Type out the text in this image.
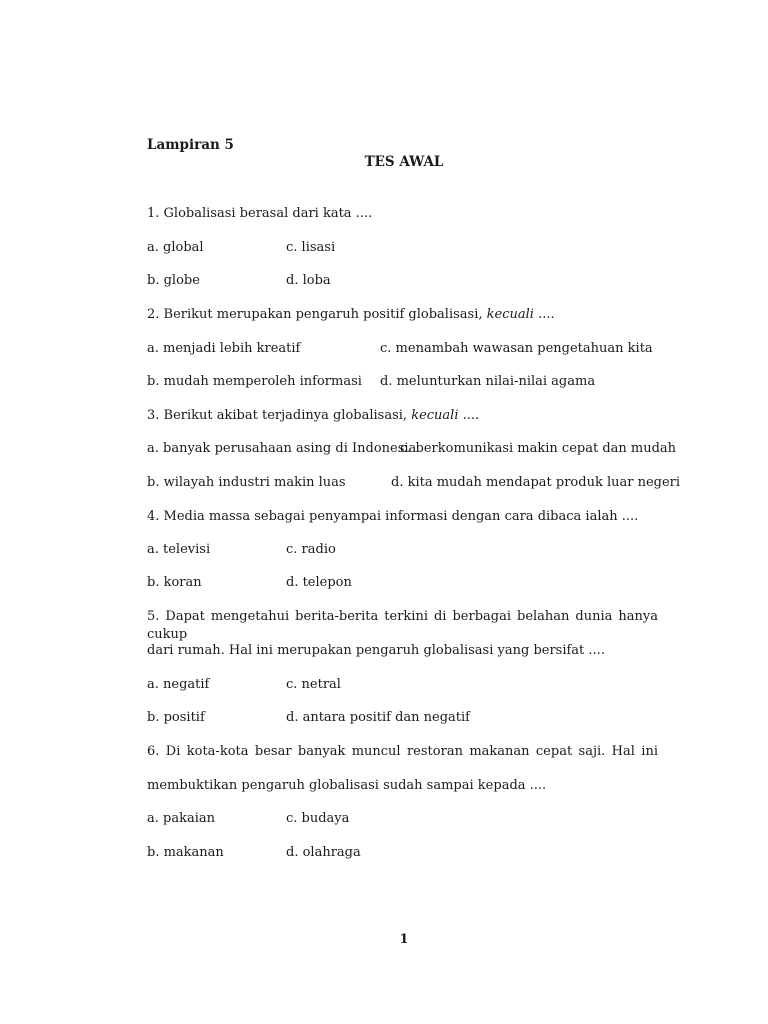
Lampiran 5
TES AWAL
1. Globalisasi berasal dari kata ....
a. global	c. lisasi
b. globe	d. loba
2. Berikut merupakan pengaruh positif globalisasi, kecuali ....
a. menjadi lebih kreatif	c. menambah wawasan pengetahuan kita
b. mudah memperoleh informasi d. melunturkan nilai-nilai agama
3. Berikut akibat terjadinya globalisasi, kecuali ....
a. banyak perusahaan asing di Indonesia
c. berkomunikasi makin cepat dan mudah
b. wilayah industri makin luas	d. kita mudah mendapat produk luar negeri
4. Media massa sebagai penyampai informasi dengan cara dibaca ialah ....
a. televisi	c. radio
b. koran	d. telepon
5. Dapat mengetahui berita-berita terkini di berbagai belahan dunia hanya cukup
dari rumah. Hal ini merupakan pengaruh globalisasi yang bersifat ....
a. negatif	c. netral
b. positif	d. antara positif dan negatif
6. Di kota-kota besar banyak muncul restoran makanan cepat saji. Hal ini
membuktikan pengaruh globalisasi sudah sampai kepada ....
a. pakaian	c. budaya
b. makanan	d. olahraga
1
